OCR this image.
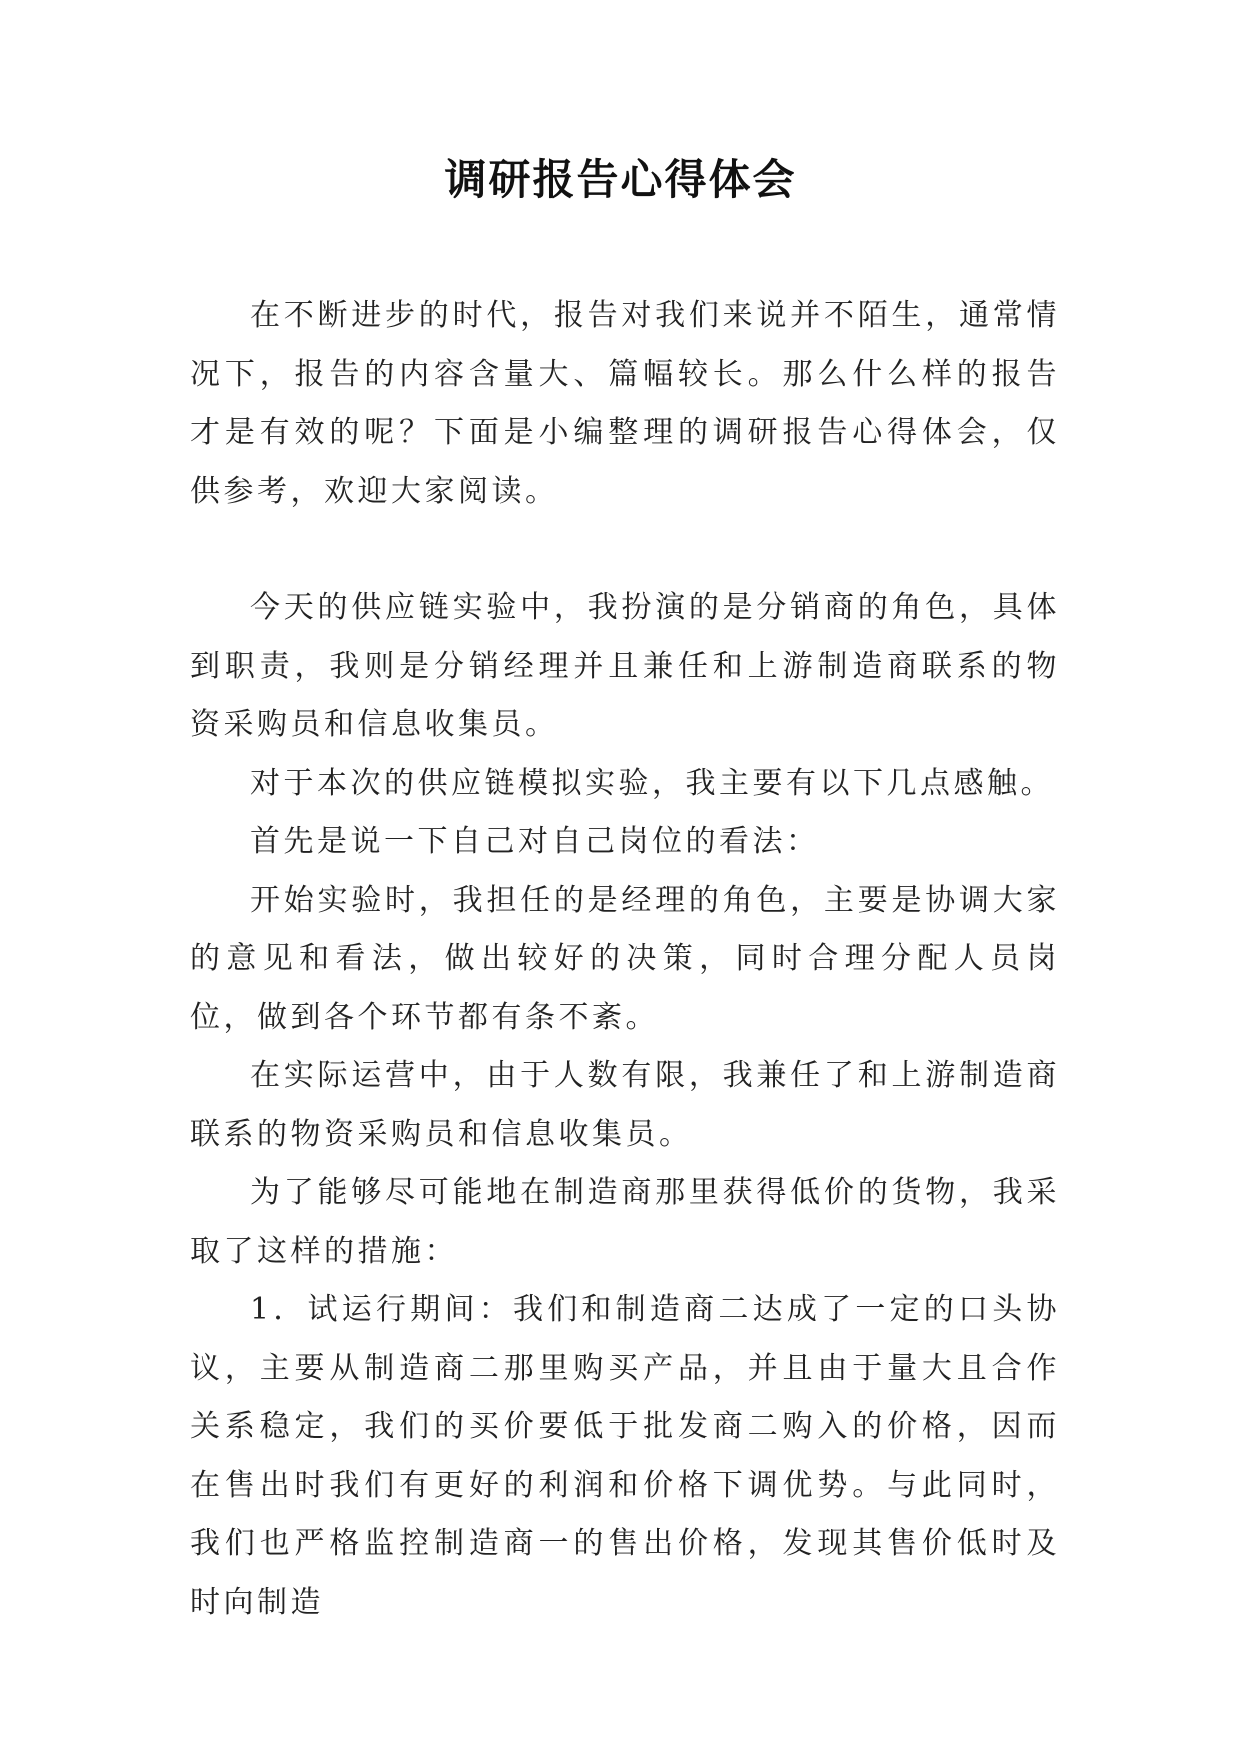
调研报告心得体会

在不断进步的时代，报告对我们来说并不陌生，通常情况下，报告的内容含量大、篇幅较长。那么什么样的报告才是有效的呢？下面是小编整理的调研报告心得体会，仅供参考，欢迎大家阅读。

今天的供应链实验中，我扮演的是分销商的角色，具体到职责，我则是分销经理并且兼任和上游制造商联系的物资采购员和信息收集员。

对于本次的供应链模拟实验，我主要有以下几点感触。

首先是说一下自己对自己岗位的看法：

开始实验时，我担任的是经理的角色，主要是协调大家的意见和看法，做出较好的决策，同时合理分配人员岗位，做到各个环节都有条不紊。

在实际运营中，由于人数有限，我兼任了和上游制造商联系的物资采购员和信息收集员。

为了能够尽可能地在制造商那里获得低价的货物，我采取了这样的措施：

1．试运行期间：我们和制造商二达成了一定的口头协议，主要从制造商二那里购买产品，并且由于量大且合作关系稳定，我们的买价要低于批发商二购入的价格，因而在售出时我们有更好的利润和价格下调优势。与此同时，我们也严格监控制造商一的售出价格，发现其售价低时及时向制造
